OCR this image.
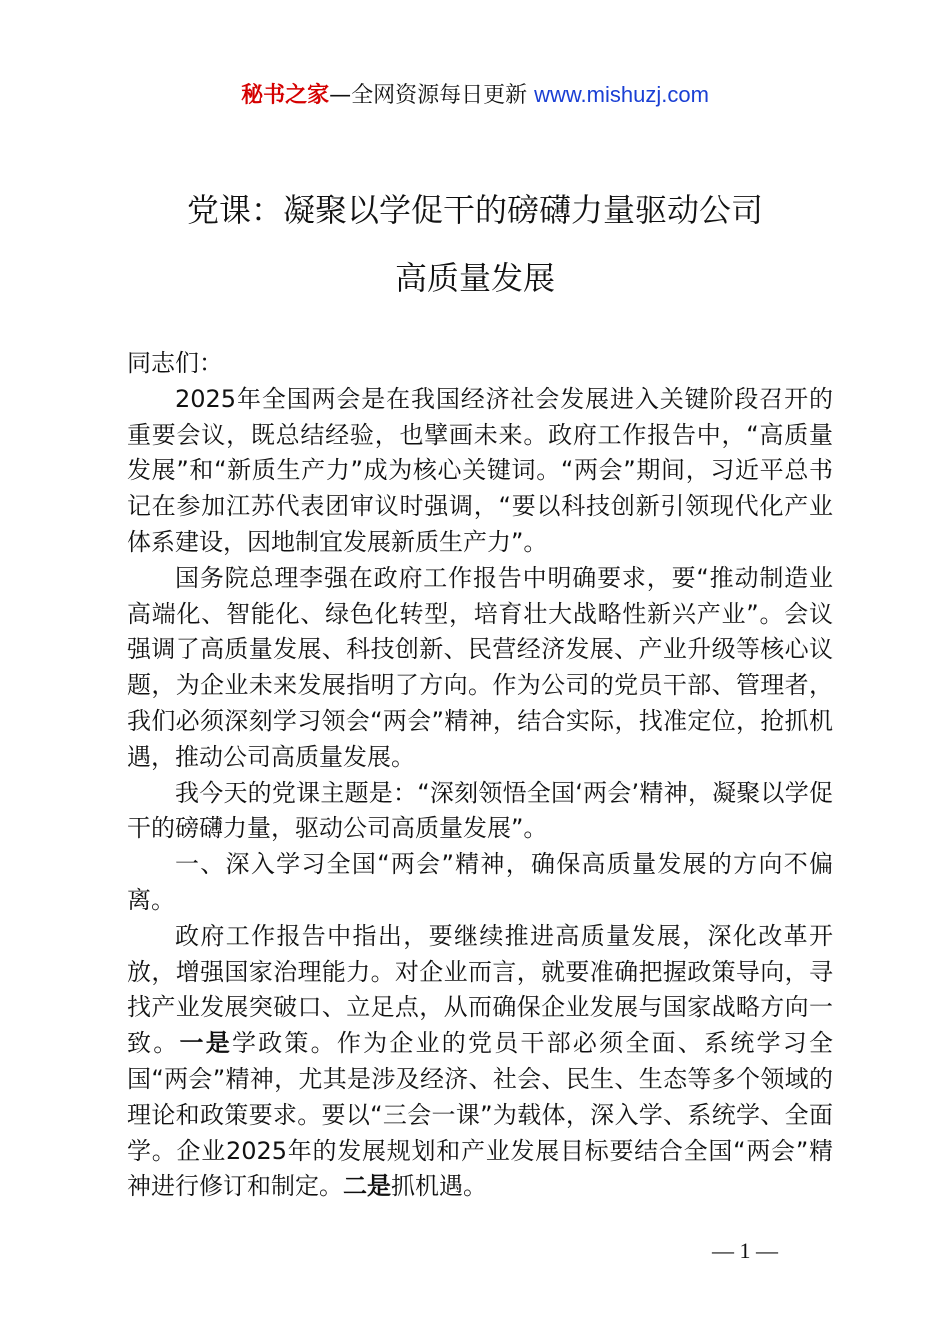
秘书之家—全网资源每日更新 www.mishuzj.com
党课：凝聚以学促干的磅礴力量驱动公司
高质量发展

同志们：

2025年全国两会是在我国经济社会发展进入关键阶段召开的重要会议，既总结经验，也擘画未来。政府工作报告中，“高质量发展”和“新质生产力”成为核心关键词。“两会”期间，习近平总书记在参加江苏代表团审议时强调，“要以科技创新引领现代化产业体系建设，因地制宜发展新质生产力”。

国务院总理李强在政府工作报告中明确要求，要“推动制造业高端化、智能化、绿色化转型，培育壮大战略性新兴产业”。会议强调了高质量发展、科技创新、民营经济发展、产业升级等核心议题，为企业未来发展指明了方向。作为公司的党员干部、管理者，我们必须深刻学习领会“两会”精神，结合实际，找准定位，抢抓机遇，推动公司高质量发展。

我今天的党课主题是：“深刻领悟全国‘两会’精神，凝聚以学促干的磅礴力量，驱动公司高质量发展”。

一、深入学习全国“两会”精神，确保高质量发展的方向不偏离。

政府工作报告中指出，要继续推进高质量发展，深化改革开放，增强国家治理能力。对企业而言，就要准确把握政策导向，寻找产业发展突破口、立足点，从而确保企业发展与国家战略方向一致。一是学政策。作为企业的党员干部必须全面、系统学习全国“两会”精神，尤其是涉及经济、社会、民生、生态等多个领域的理论和政策要求。要以“三会一课”为载体，深入学、系统学、全面学。企业2025年的发展规划和产业发展目标要结合全国“两会”精神进行修订和制定。二是抓机遇。

— 1 —
